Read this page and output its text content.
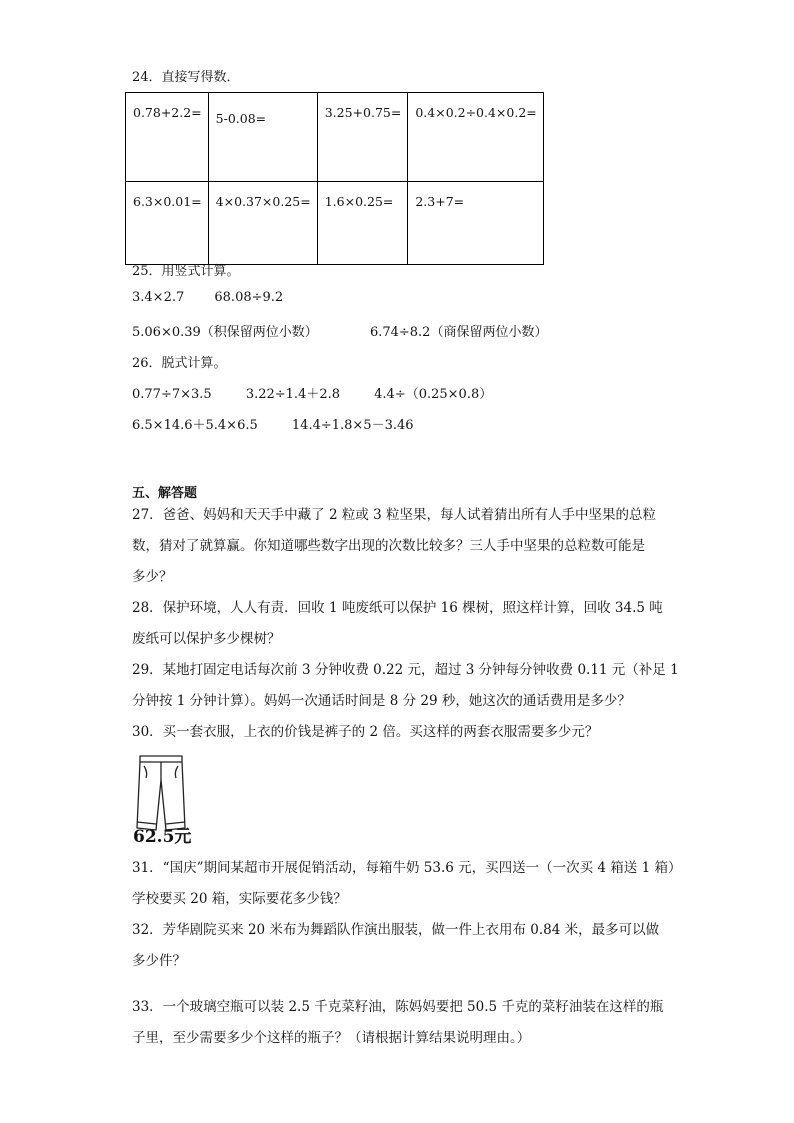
24．直接写得数．
0.78+2.2=	5-0.08=	3.25+0.75=	0.4×0.2÷0.4×0.2=
6.3×0.01=	4×0.37×0.25=	1.6×0.25=	2.3+7=
25．用竖式计算。
3.4×2.7 68.08÷9.2
5.06×0.39（积保留两位小数）	6.74÷8.2（商保留两位小数）
26．脱式计算。
0.77÷7×3.5	3.22÷1.4＋2.8	4.4÷（0.25×0.8）
6.5×14.6＋5.4×6.5	14.4÷1.8×5－3.46
五、解答题
27．爸爸、妈妈和天天手中藏了 2 粒或 3 粒坚果，每人试着猜出所有人手中坚果的总粒
数，猜对了就算赢。你知道哪些数字出现的次数比较多？三人手中坚果的总粒数可能是
多少？
28．保护环境，人人有责．回收 1 吨废纸可以保护 16 棵树，照这样计算，回收 34.5 吨
废纸可以保护多少棵树？
29．某地打固定电话每次前 3 分钟收费 0.22 元，超过 3 分钟每分钟收费 0.11 元（补足 1
分钟按 1 分钟计算）。妈妈一次通话时间是 8 分 29 秒，她这次的通话费用是多少？
30．买一套衣服，上衣的价钱是裤子的 2 倍。买这样的两套衣服需要多少元？
62.5元
31．“国庆”期间某超市开展促销活动，每箱牛奶 53.6 元，买四送一（一次买 4 箱送 1 箱）
学校要买 20 箱，实际要花多少钱？
32．芳华剧院买来 20 米布为舞蹈队作演出服装，做一件上衣用布 0.84 米，最多可以做
多少件？
33．一个玻璃空瓶可以装 2.5 千克菜籽油，陈妈妈要把 50.5 千克的菜籽油装在这样的瓶
子里，至少需要多少个这样的瓶子？（请根据计算结果说明理由。）
